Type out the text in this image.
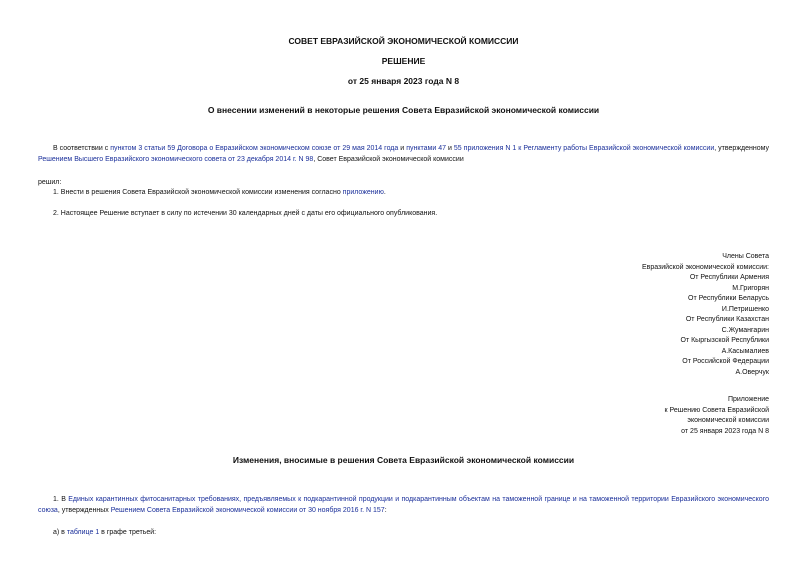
СОВЕТ ЕВРАЗИЙСКОЙ ЭКОНОМИЧЕСКОЙ КОМИССИИ
РЕШЕНИЕ
от 25 января 2023 года N 8
О внесении изменений в некоторые решения Совета Евразийской экономической комиссии
В соответствии с пунктом 3 статьи 59 Договора о Евразийском экономическом союзе от 29 мая 2014 года и пунктами 47 и 55 приложения N 1 к Регламенту работы Евразийской экономической комиссии, утвержденному Решением Высшего Евразийского экономического совета от 23 декабря 2014 г. N 98, Совет Евразийской экономической комиссии
решил:
1. Внести в решения Совета Евразийской экономической комиссии изменения согласно приложению.
2. Настоящее Решение вступает в силу по истечении 30 календарных дней с даты его официального опубликования.
Члены Совета
Евразийской экономической комиссии:
От Республики Армения
М.Григорян
От Республики Беларусь
И.Петришенко
От Республики Казахстан
С.Жумангарин
От Кыргызской Республики
А.Касымалиев
От Российской Федерации
А.Оверчук
Приложение
к Решению Совета Евразийской
экономической комиссии
от 25 января 2023 года N 8
Изменения, вносимые в решения Совета Евразийской экономической комиссии
1. В Единых карантинных фитосанитарных требованиях, предъявляемых к подкарантинной продукции и подкарантинным объектам на таможенной границе и на таможенной территории Евразийского экономического союза, утвержденных Решением Совета Евразийской экономической комиссии от 30 ноября 2016 г. N 157:
а) в таблице 1 в графе третьей:
